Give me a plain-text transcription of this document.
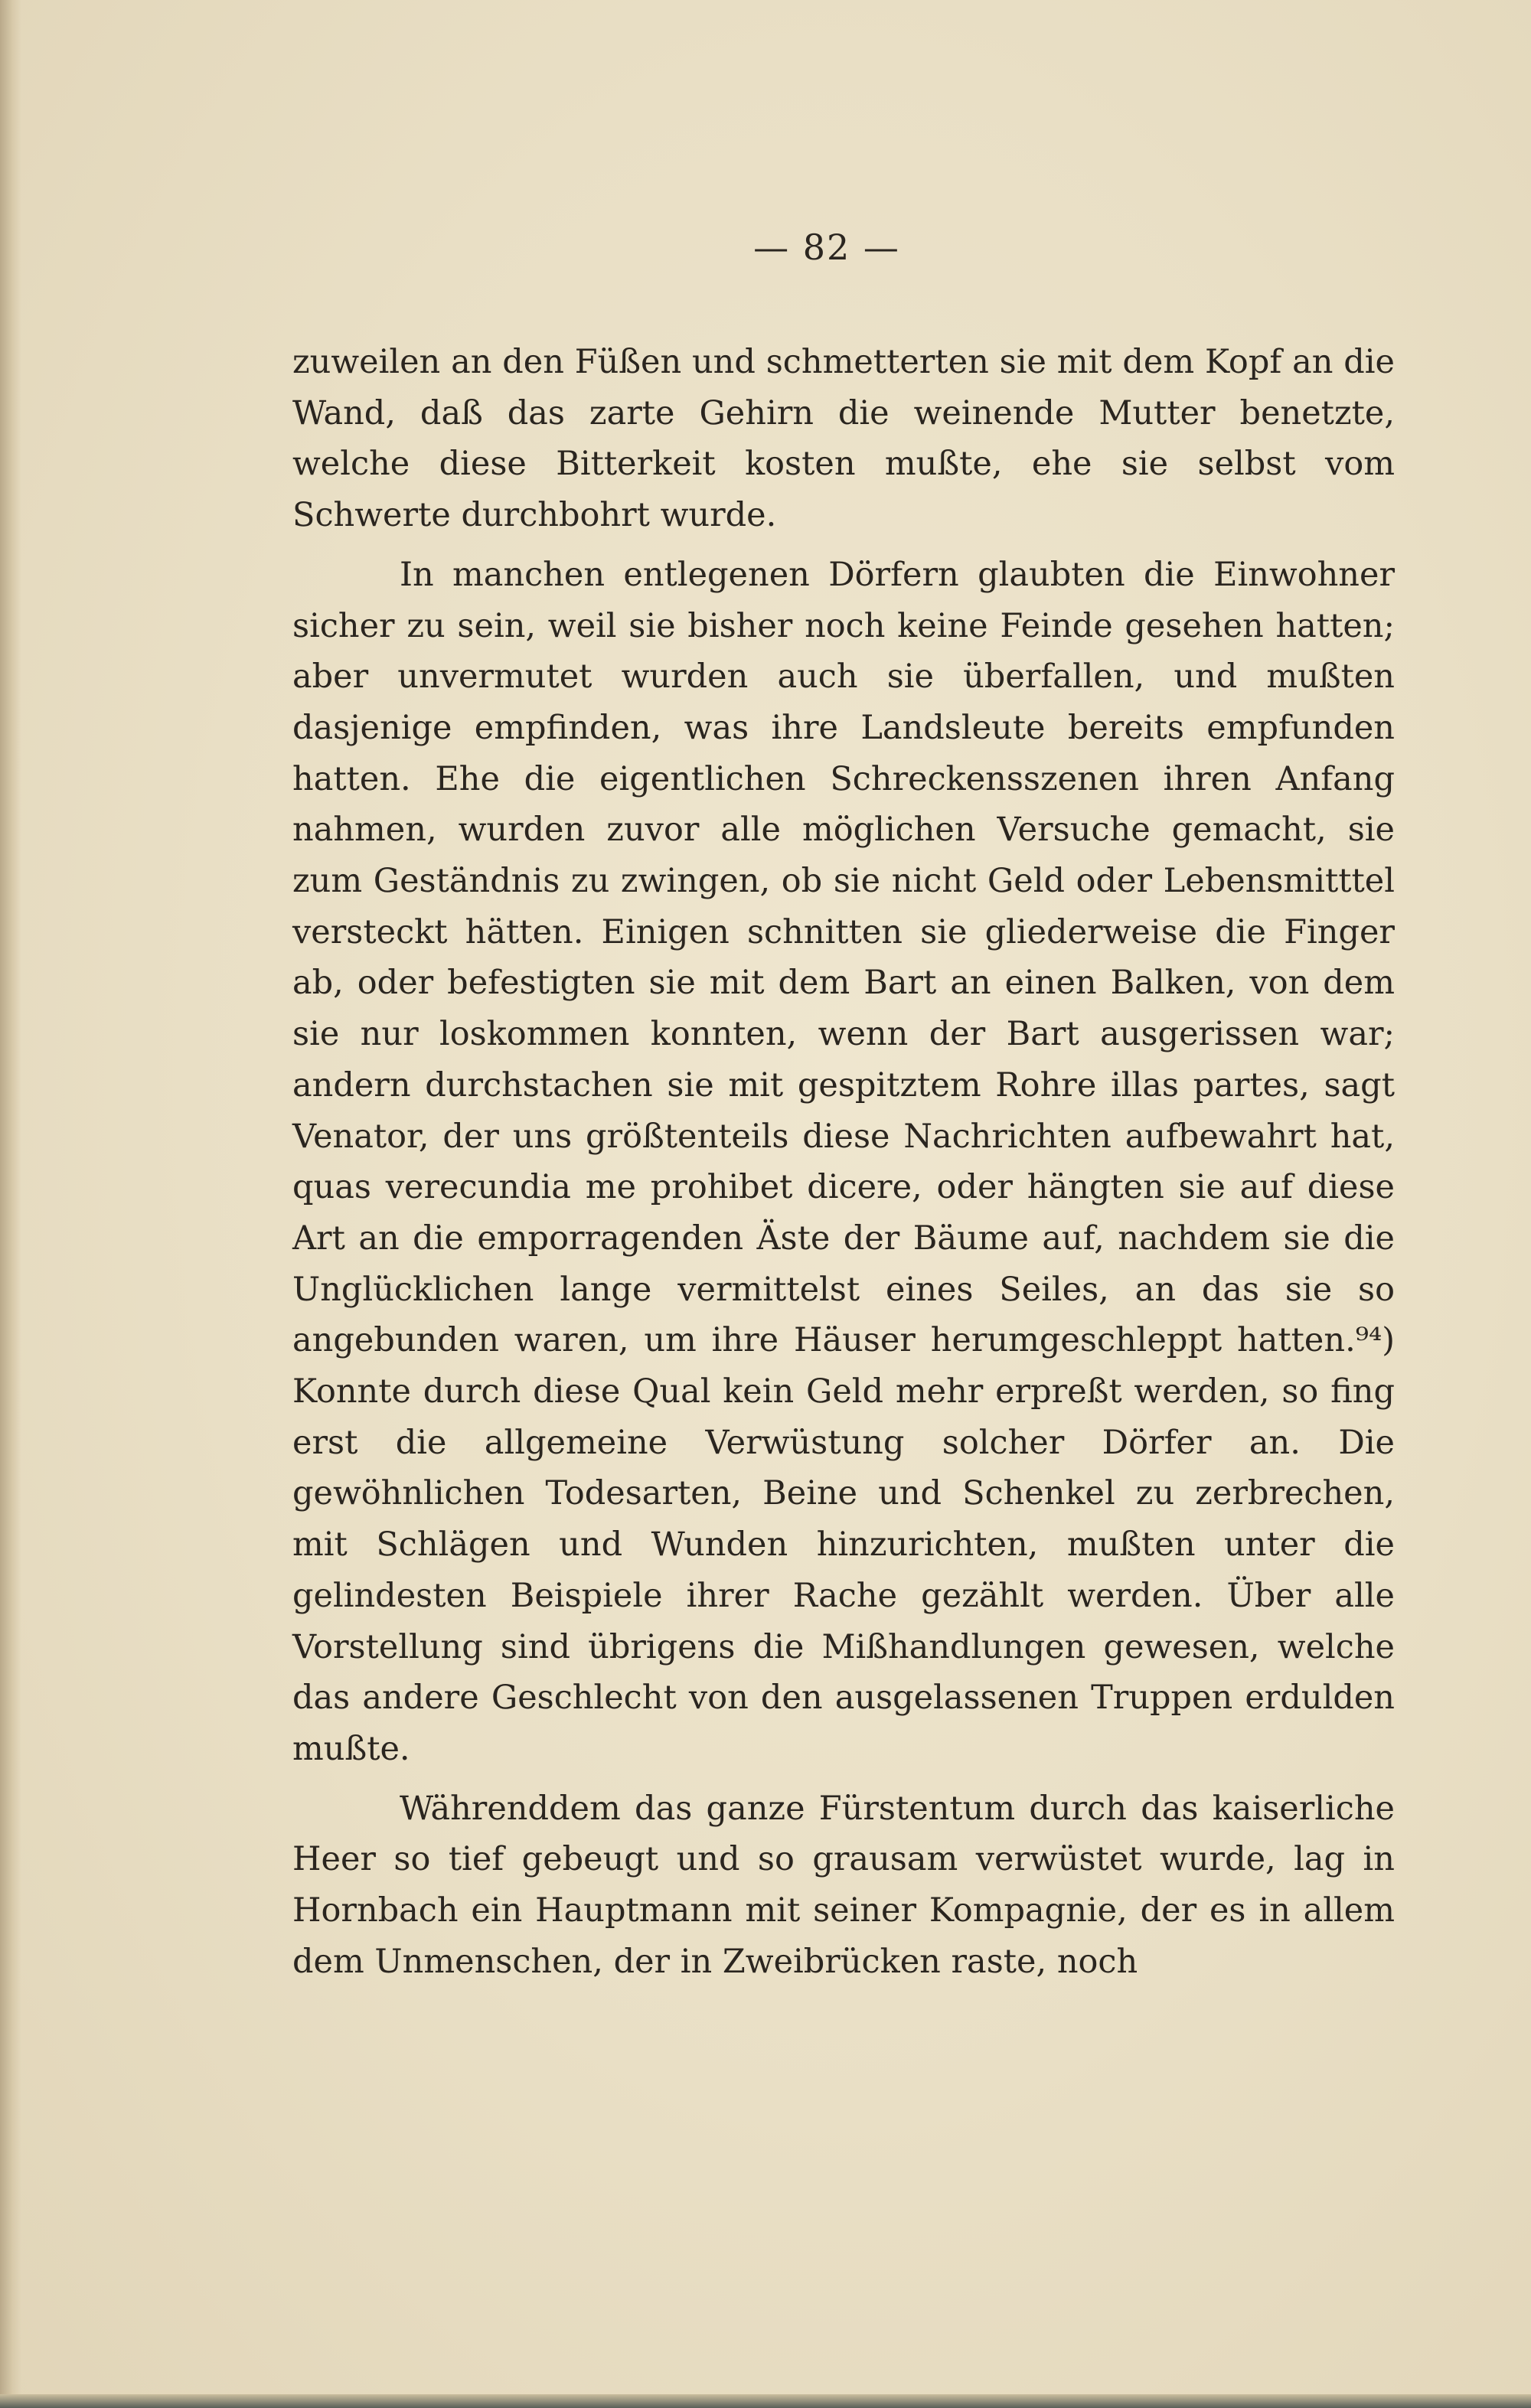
— 82 —

zuweilen an den Füßen und schmetterten sie mit dem Kopf an die Wand, daß das zarte Gehirn die weinende Mutter benetzte, welche diese Bitterkeit kosten mußte, ehe sie selbst vom Schwerte durchbohrt wurde.

In manchen entlegenen Dörfern glaubten die Einwohner sicher zu sein, weil sie bisher noch keine Feinde gesehen hatten; aber unvermutet wurden auch sie überfallen, und mußten dasjenige empfinden, was ihre Landsleute bereits empfunden hatten. Ehe die eigentlichen Schreckensszenen ihren Anfang nahmen, wurden zuvor alle möglichen Versuche gemacht, sie zum Geständnis zu zwingen, ob sie nicht Geld oder Lebensmitttel versteckt hätten. Einigen schnitten sie gliederweise die Finger ab, oder befestigten sie mit dem Bart an einen Balken, von dem sie nur loskommen konnten, wenn der Bart ausgerissen war; andern durchstachen sie mit gespitztem Rohre illas partes, sagt Venator, der uns größtenteils diese Nachrichten aufbewahrt hat, quas verecundia me prohibet dicere, oder hängten sie auf diese Art an die emporragenden Äste der Bäume auf, nachdem sie die Unglücklichen lange vermittelst eines Seiles, an das sie so angebunden waren, um ihre Häuser herumgeschleppt hatten.⁹⁴) Konnte durch diese Qual kein Geld mehr erpreßt werden, so fing erst die allgemeine Verwüstung solcher Dörfer an. Die gewöhnlichen Todesarten, Beine und Schenkel zu zerbrechen, mit Schlägen und Wunden hinzurichten, mußten unter die gelindesten Beispiele ihrer Rache gezählt werden. Über alle Vorstellung sind übrigens die Mißhandlungen gewesen, welche das andere Geschlecht von den ausgelassenen Truppen erdulden mußte.

Währenddem das ganze Fürstentum durch das kaiserliche Heer so tief gebeugt und so grausam verwüstet wurde, lag in Hornbach ein Hauptmann mit seiner Kompagnie, der es in allem dem Unmenschen, der in Zweibrücken raste, noch
